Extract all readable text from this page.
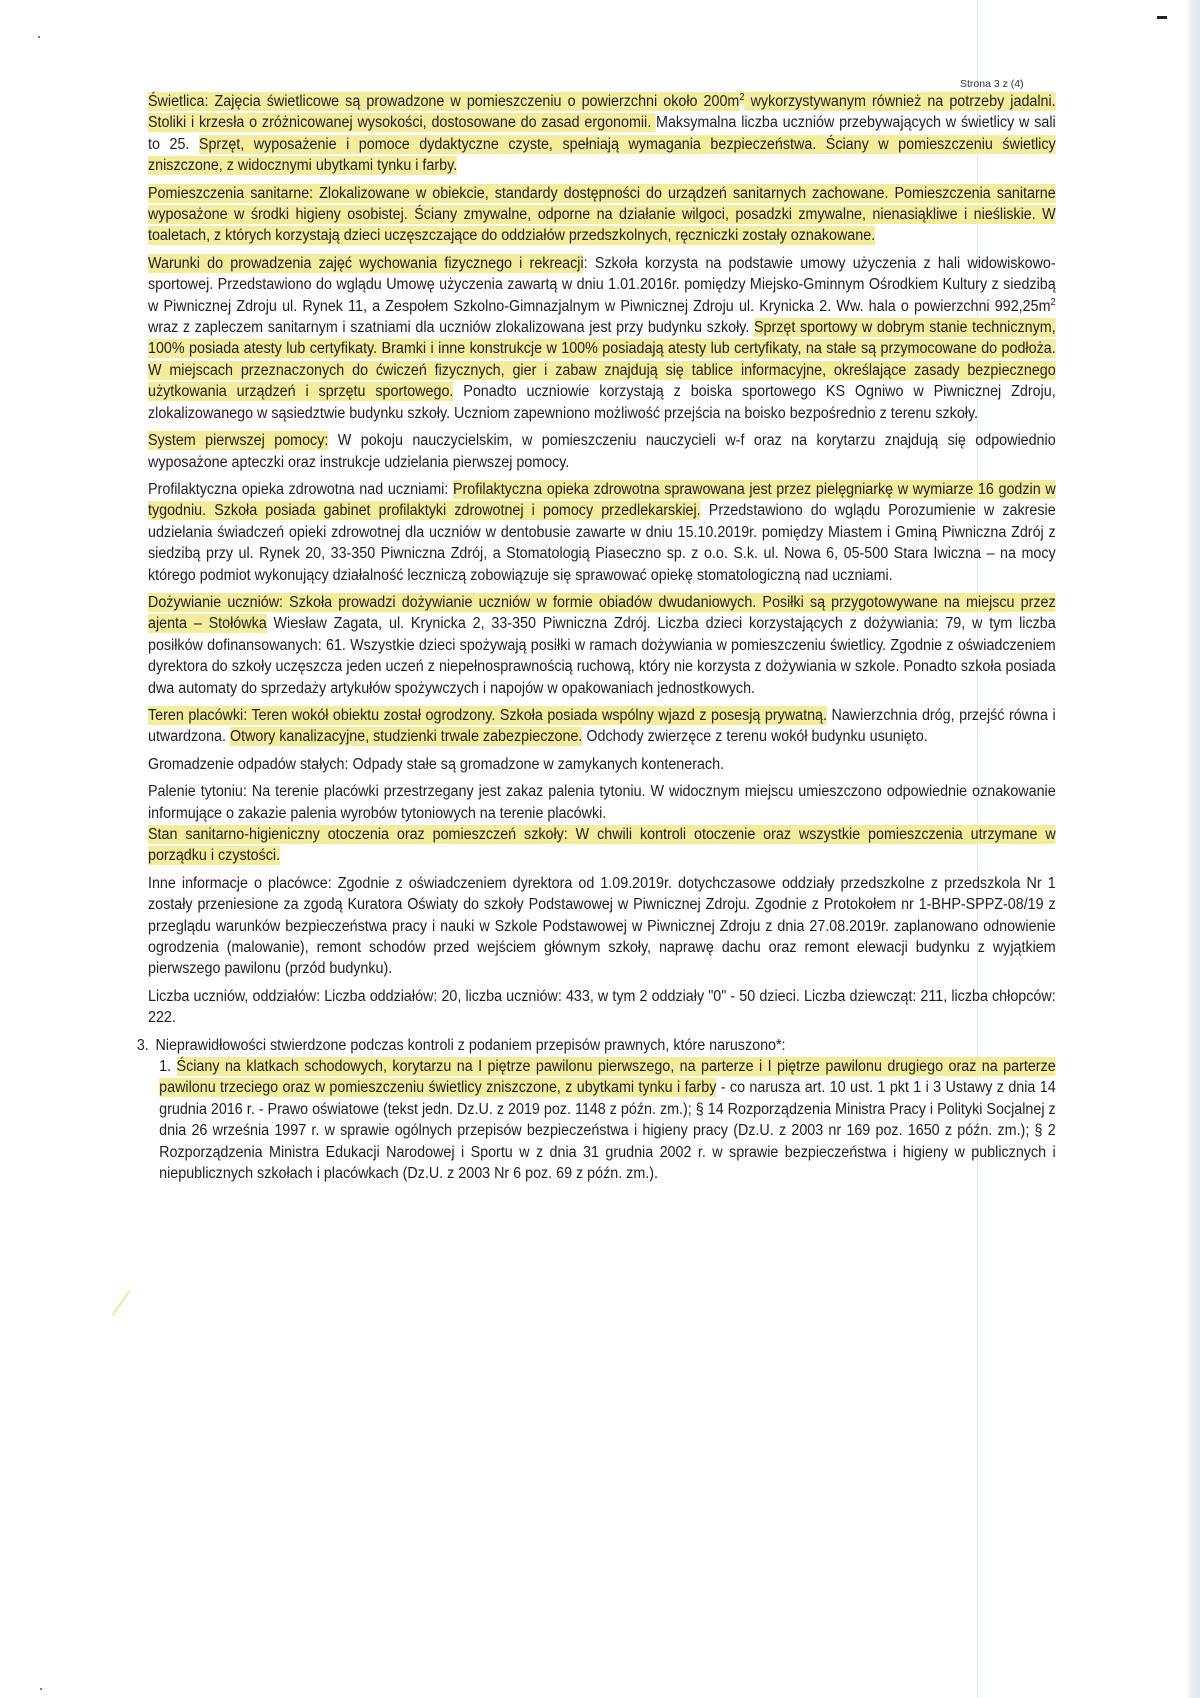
Strona 3 z (4)
Świetlica: Zajęcia świetlicowe są prowadzone w pomieszczeniu o powierzchni około $200m^2$ wykorzystywanym również na potrzeby jadalni. Stoliki i krzesła o zróżnicowanej wysokości, dostosowane do zasad ergonomii. Maksymalna liczba uczniów przebywających w świetlicy w sali to 25. Sprzęt, wyposażenie i pomoce dydaktyczne czyste, spełniają wymagania bezpieczeństwa. Ściany w pomieszczeniu świetlicy zniszczone, z widocznymi ubytkami tynku i farby.
Pomieszczenia sanitarne: Zlokalizowane w obiekcie, standardy dostępności do urządzeń sanitarnych zachowane. Pomieszczenia sanitarne wyposażone w środki higieny osobistej. Ściany zmywalne, odporne na działanie wilgoci, posadzki zmywalne, nienasiąkliwe i nieśliskie. W toaletach, z których korzystają dzieci uczęszczające do oddziałów przedszkolnych, ręczniczki zostały oznakowane.
Warunki do prowadzenia zajęć wychowania fizycznego i rekreacji: Szkoła korzysta na podstawie umowy użyczenia z hali widowiskowo-sportowej. Przedstawiono do wglądu Umowę użyczenia zawartą w dniu 1.01.2016r. pomiędzy Miejsko-Gminnym Ośrodkiem Kultury z siedzibą w Piwnicznej Zdroju ul. Rynek 11, a Zespołem Szkolno-Gimnazjalnym w Piwnicznej Zdroju ul. Krynicka 2. Ww. hala o powierzchni $992,25m^2$ wraz z zapleczem sanitarnym i szatniami dla uczniów zlokalizowana jest przy budynku szkoły. Sprzęt sportowy w dobrym stanie technicznym, 100% posiada atesty lub certyfikaty. Bramki i inne konstrukcje w 100% posiadają atesty lub certyfikaty, na stałe są przymocowane do podłoża. W miejscach przeznaczonych do ćwiczeń fizycznych, gier i zabaw znajdują się tablice informacyjne, określające zasady bezpiecznego użytkowania urządzeń i sprzętu sportowego. Ponadto uczniowie korzystają z boiska sportowego KS Ogniwo w Piwnicznej Zdroju, zlokalizowanego w sąsiedztwie budynku szkoły. Uczniom zapewniono możliwość przejścia na boisko bezpośrednio z terenu szkoły.
System pierwszej pomocy: W pokoju nauczycielskim, w pomieszczeniu nauczycieli w-f oraz na korytarzu znajdują się odpowiednio wyposażone apteczki oraz instrukcje udzielania pierwszej pomocy.
Profilaktyczna opieka zdrowotna nad uczniami: Profilaktyczna opieka zdrowotna sprawowana jest przez pielęgniarkę w wymiarze 16 godzin w tygodniu. Szkoła posiada gabinet profilaktyki zdrowotnej i pomocy przedlekarskiej. Przedstawiono do wglądu Porozumienie w zakresie udzielania świadczeń opieki zdrowotnej dla uczniów w dentobusie zawarte w dniu 15.10.2019r. pomiędzy Miastem i Gminą Piwniczna Zdrój z siedzibą przy ul. Rynek 20, 33-350 Piwniczna Zdrój, a Stomatologią Piaseczno sp. z o.o. S.k. ul. Nowa 6, 05-500 Stara Iwiczna – na mocy którego podmiot wykonujący działalność leczniczą zobowiązuje się sprawować opiekę stomatologiczną nad uczniami.
Dożywianie uczniów: Szkoła prowadzi dożywianie uczniów w formie obiadów dwudaniowych. Posiłki są przygotowywane na miejscu przez ajenta – Stołówka Wiesław Zagata, ul. Krynicka 2, 33-350 Piwniczna Zdrój. Liczba dzieci korzystających z dożywiania: 79, w tym liczba posiłków dofinansowanych: 61. Wszystkie dzieci spożywają posiłki w ramach dożywiania w pomieszczeniu świetlicy. Zgodnie z oświadczeniem dyrektora do szkoły uczęszcza jeden uczeń z niepełnosprawnością ruchową, który nie korzysta z dożywiania w szkole. Ponadto szkoła posiada dwa automaty do sprzedaży artykułów spożywczych i napojów w opakowaniach jednostkowych.
Teren placówki: Teren wokół obiektu został ogrodzony. Szkoła posiada wspólny wjazd z posesją prywatną. Nawierzchnia dróg, przejść równa i utwardzona. Otwory kanalizacyjne, studzienki trwale zabezpieczone. Odchody zwierzęce z terenu wokół budynku usunięto.
Gromadzenie odpadów stałych: Odpady stałe są gromadzone w zamykanych kontenerach.
Palenie tytoniu: Na terenie placówki przestrzegany jest zakaz palenia tytoniu. W widocznym miejscu umieszczono odpowiednie oznakowanie informujące o zakazie palenia wyrobów tytoniowych na terenie placówki.
Stan sanitarno-higieniczny otoczenia oraz pomieszczeń szkoły: W chwili kontroli otoczenie oraz wszystkie pomieszczenia utrzymane w porządku i czystości.
Inne informacje o placówce: Zgodnie z oświadczeniem dyrektora od 1.09.2019r. dotychczasowe oddziały przedszkolne z przedszkola Nr 1 zostały przeniesione za zgodą Kuratora Oświaty do szkoły Podstawowej w Piwnicznej Zdroju. Zgodnie z Protokołem nr 1-BHP-SPPZ-08/19 z przeglądu warunków bezpieczeństwa pracy i nauki w Szkole Podstawowej w Piwnicznej Zdroju z dnia 27.08.2019r. zaplanowano odnowienie ogrodzenia (malowanie), remont schodów przed wejściem głównym szkoły, naprawę dachu oraz remont elewacji budynku z wyjątkiem pierwszego pawilonu (przód budynku).
Liczba uczniów, oddziałów: Liczba oddziałów: 20, liczba uczniów: 433, w tym 2 oddziały "0" - 50 dzieci. Liczba dziewcząt: 211, liczba chłopców: 222.
3. Nieprawidłowości stwierdzone podczas kontroli z podaniem przepisów prawnych, które naruszono*:
1. Ściany na klatkach schodowych, korytarzu na I piętrze pawilonu pierwszego, na parterze i I piętrze pawilonu drugiego oraz na parterze pawilonu trzeciego oraz w pomieszczeniu świetlicy zniszczone, z ubytkami tynku i farby - co narusza art. 10 ust. 1 pkt 1 i 3 Ustawy z dnia 14 grudnia 2016 r. - Prawo oświatowe (tekst jedn. Dz.U. z 2019 poz. 1148 z późn. zm.); § 14 Rozporządzenia Ministra Pracy i Polityki Socjalnej z dnia 26 września 1997 r. w sprawie ogólnych przepisów bezpieczeństwa i higieny pracy (Dz.U. z 2003 nr 169 poz. 1650 z późn. zm.); § 2 Rozporządzenia Ministra Edukacji Narodowej i Sportu w z dnia 31 grudnia 2002 r. w sprawie bezpieczeństwa i higieny w publicznych i niepublicznych szkołach i placówkach (Dz.U. z 2003 Nr 6 poz. 69 z późn. zm.).
